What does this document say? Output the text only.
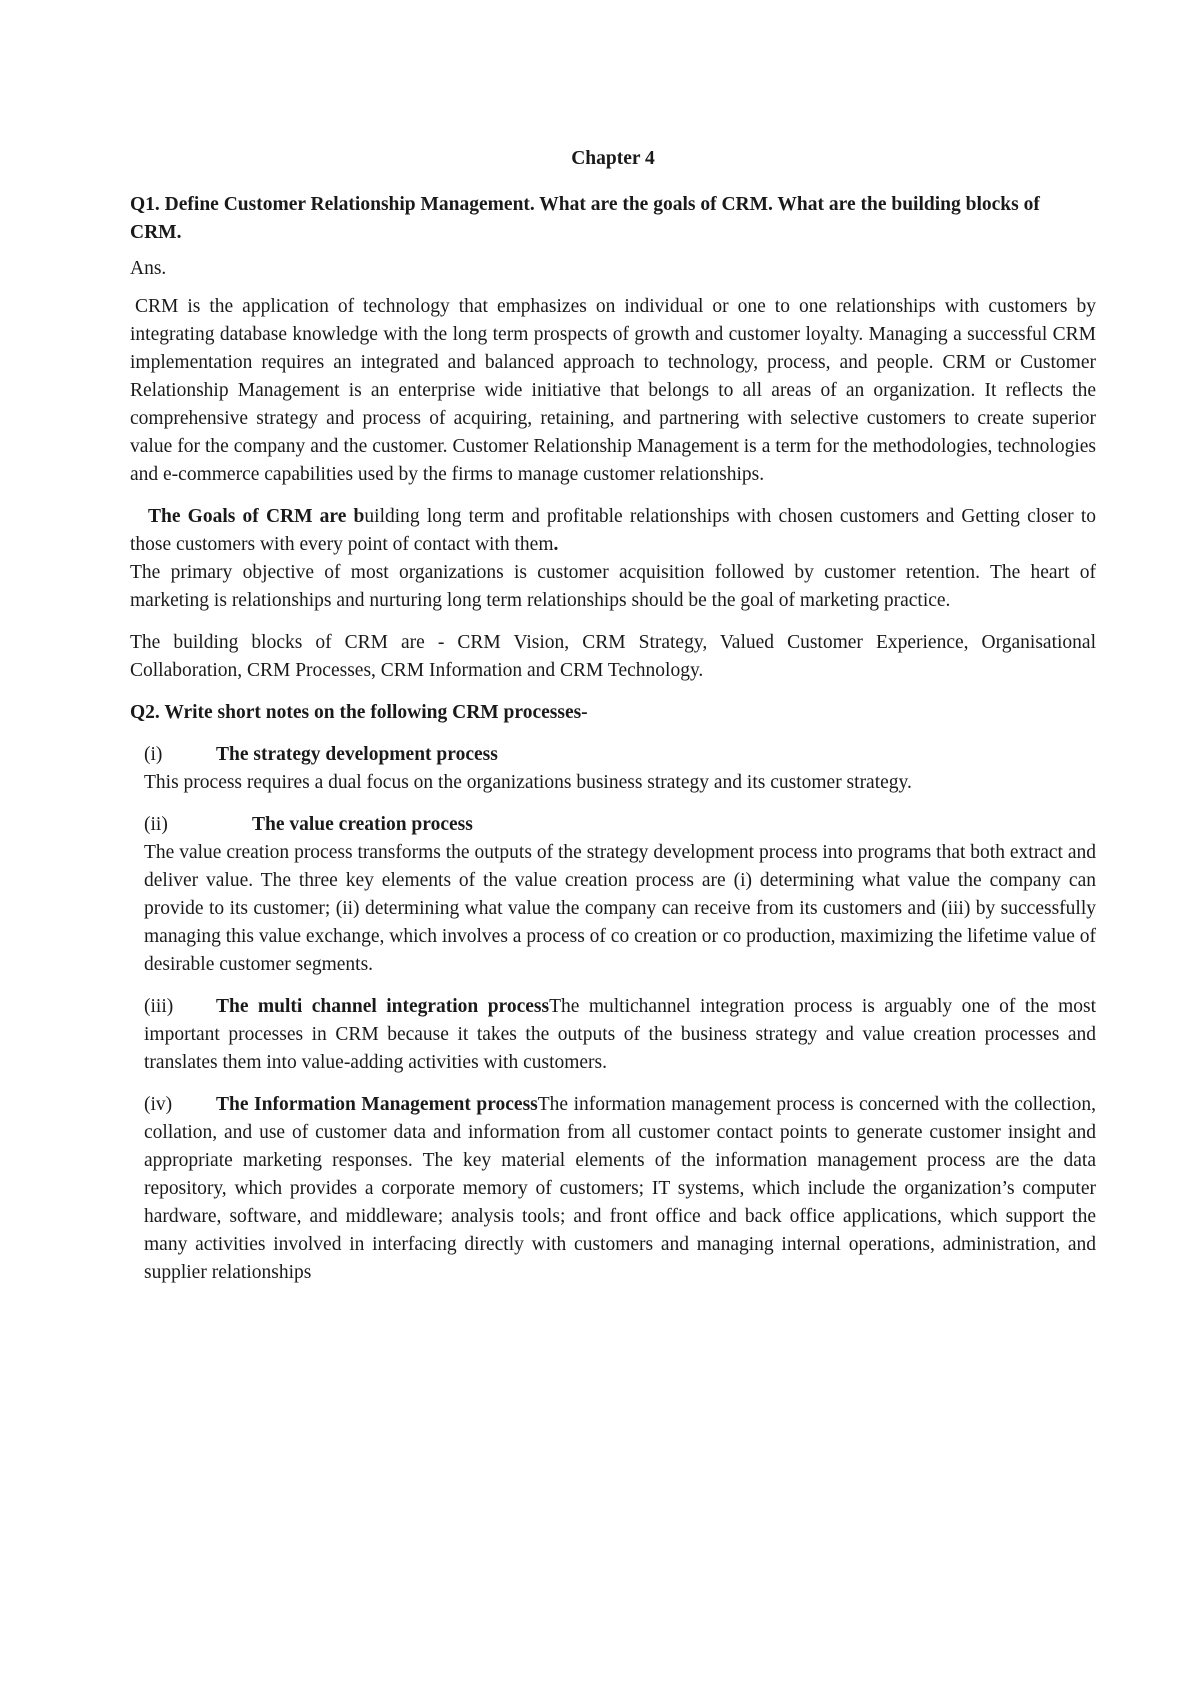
Chapter 4

Q1. Define Customer Relationship Management. What are the goals of CRM. What are the building blocks of CRM.

Ans.

CRM is the application of technology that emphasizes on individual or one to one relationships with customers by integrating database knowledge with the long term prospects of growth and customer loyalty. Managing a successful CRM implementation requires an integrated and balanced approach to technology, process, and people. CRM or Customer Relationship Management is an enterprise wide initiative that belongs to all areas of an organization. It reflects the comprehensive strategy and process of acquiring, retaining, and partnering with selective customers to create superior value for the company and the customer. Customer Relationship Management is a term for the methodologies, technologies and e-commerce capabilities used by the firms to manage customer relationships.

The Goals of CRM are building long term and profitable relationships with chosen customers and Getting closer to those customers with every point of contact with them.

The primary objective of most organizations is customer acquisition followed by customer retention. The heart of marketing is relationships and nurturing long term relationships should be the goal of marketing practice.

The building blocks of CRM are - CRM Vision, CRM Strategy, Valued Customer Experience, Organisational Collaboration, CRM Processes, CRM Information and CRM Technology.

Q2. Write short notes on the following CRM processes-

(i)	The strategy development process

This process requires a dual focus on the organizations business strategy and its customer strategy.

(ii)	The value creation process

The value creation process transforms the outputs of the strategy development process into programs that both extract and deliver value. The three key elements of the value creation process are (i) determining what value the company can provide to its customer; (ii) determining what value the company can receive from its customers and (iii) by successfully managing this value exchange, which involves a process of co creation or co production, maximizing the lifetime value of desirable customer segments.

(iii) The multi channel integration processThe multichannel integration process is arguably one of the most important processes in CRM because it takes the outputs of the business strategy and value creation processes and translates them into value-adding activities with customers.

(iv) The Information Management processThe information management process is concerned with the collection, collation, and use of customer data and information from all customer contact points to generate customer insight and appropriate marketing responses. The key material elements of the information management process are the data repository, which provides a corporate memory of customers; IT systems, which include the organization’s computer hardware, software, and middleware; analysis tools; and front office and back office applications, which support the many activities involved in interfacing directly with customers and managing internal operations, administration, and supplier relationships
